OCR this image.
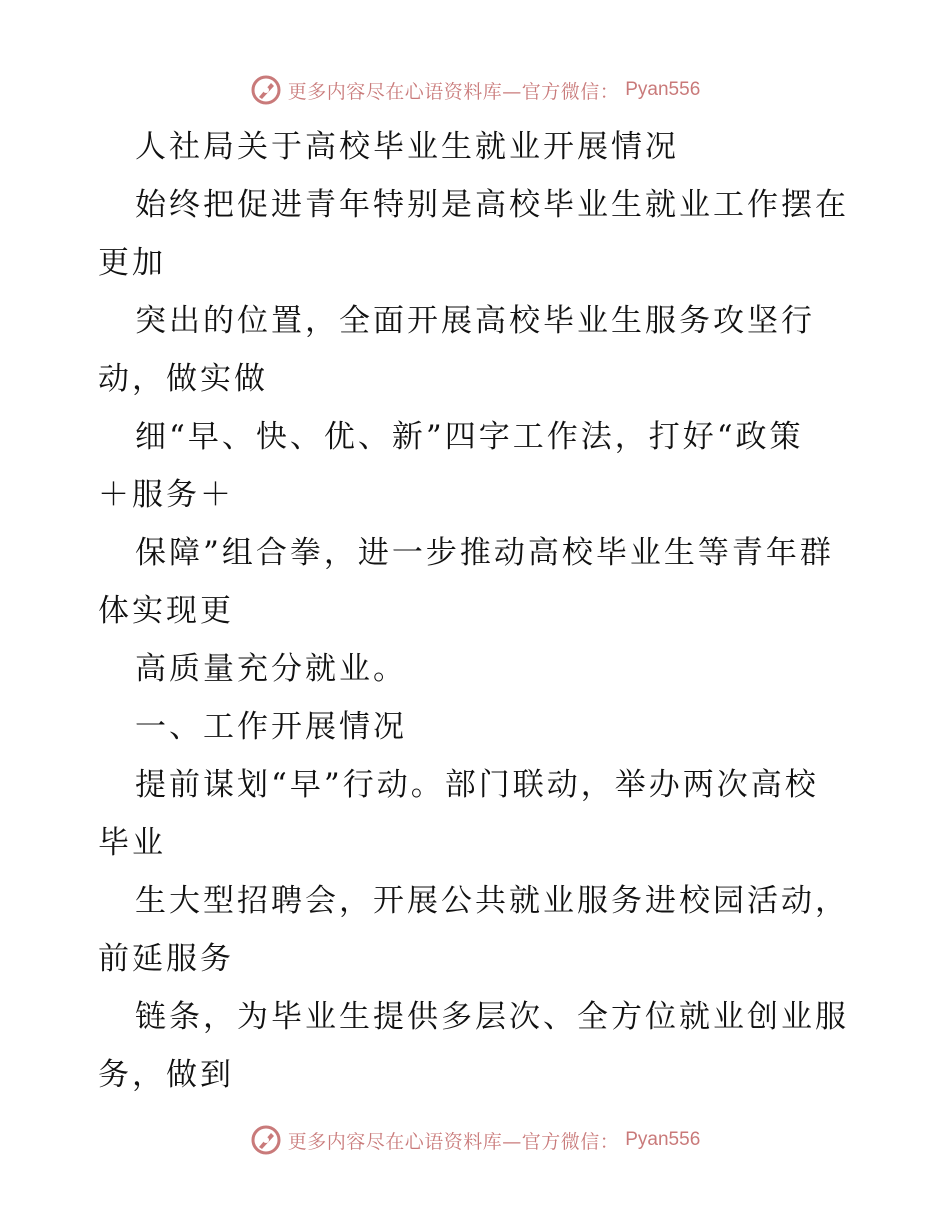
更多内容尽在心语资料库—官方微信： Pyan556
人社局关于高校毕业生就业开展情况
始终把促进青年特别是高校毕业生就业工作摆在
更加
突出的位置，全面开展高校毕业生服务攻坚行
动，做实做
细“早、快、优、新”四字工作法，打好“政策
＋服务＋
保障”组合拳，进一步推动高校毕业生等青年群
体实现更
高质量充分就业。
一、工作开展情况
提前谋划“早”行动。部门联动，举办两次高校
毕业
生大型招聘会，开展公共就业服务进校园活动，
前延服务
链条，为毕业生提供多层次、全方位就业创业服
务，做到
更多内容尽在心语资料库—官方微信： Pyan556
